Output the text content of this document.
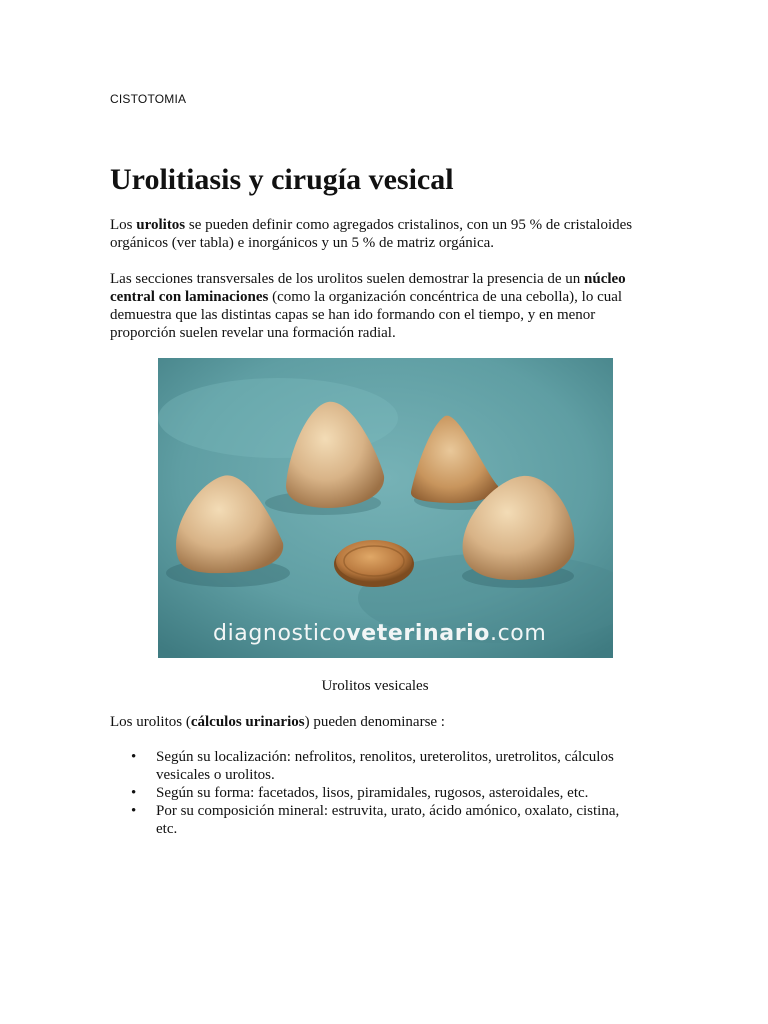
CISTOTOMIA
Urolitiasis y cirugía vesical

Los urolitos se pueden definir como agregados cristalinos, con un 95 % de cristaloides orgánicos (ver tabla) e inorgánicos y un 5 % de matriz orgánica.

Las secciones transversales de los urolitos suelen demostrar la presencia de un núcleo central con laminaciones (como la organización concéntrica de una cebolla), lo cual demuestra que las distintas capas se han ido formando con el tiempo, y en menor proporción suelen revelar una formación radial.

diagnosticoveterinario.com
Urolitos vesicales

Los urolitos (cálculos urinarios) pueden denominarse :

• Según su localización: nefrolitos, renolitos, ureterolitos, uretrolitos, cálculos vesicales o urolitos.
• Según su forma: facetados, lisos, piramidales, rugosos, asteroidales, etc.
• Por su composición mineral: estruvita, urato, ácido amónico, oxalato, cistina, etc.
